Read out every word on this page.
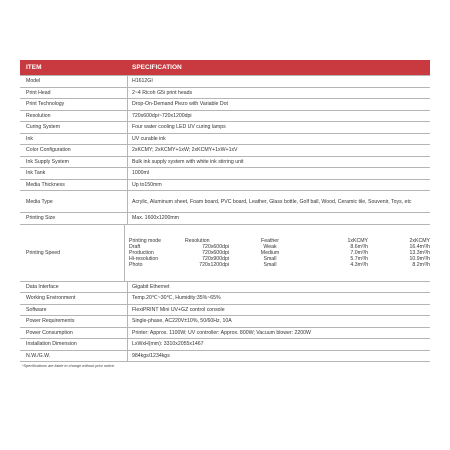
ITEM	SPECIFICATION
Model	H1612GI
Print Head	2~4 Ricoh G5i print heads
Print Technology	Drop-On-Demand Piezo with Variable Dot
Resolution	720x600dpi~720x1200dpi
Curing System	Four water cooling LED UV curing lamps
Ink	UV curable ink
Color Configuration	2xKCMY; 2xKCMY+1xW; 2xKCMY+1xW+1xV
Ink Supply System	Bulk ink supply system with white ink stirring unit
Ink Tank	1000ml
Media Thickness	Up to150mm
Media Type	Acrylic, Aluminum sheet, Foam board, PVC board, Leather, Glass bottle, Golf ball, Wood, Ceramic tile, Souvenir, Toys, etc
Printing Size	Max. 1600x1200mm
Printing Speed
Printing mode	Resolution	Feather	1xKCMY	2xKCMY
Draft	720x600dpi	Weak	8.6m²/h	16.4m²/h
Production	720x600dpi	Medium	7.0m²/h	13.3m²/h
Hi-resolution	720x900dpi	Small	5.7m²/h	10.9m²/h
Photo	720x1200dpi	Small	4.3m²/h	8.2m²/h
Data Interface	Gigabit Ethernet
Working Environment	Temp.20℃~30℃, Humidity:35%~65%
Software	FlexiPRINT Mini UV+GZ control console
Power Requirements	Single-phase, AC220V±10%, 50/60Hz, 10A
Power Consumption	Printer: Approx. 1100W; UV controller: Approx. 800W; Vacuum blower: 2200W
Installation Dimension	LxWxH(mm): 3310x2055x1467
N.W./G.W.	984kgs/1234kgs
*Specifications are liable to change without prior notice.
